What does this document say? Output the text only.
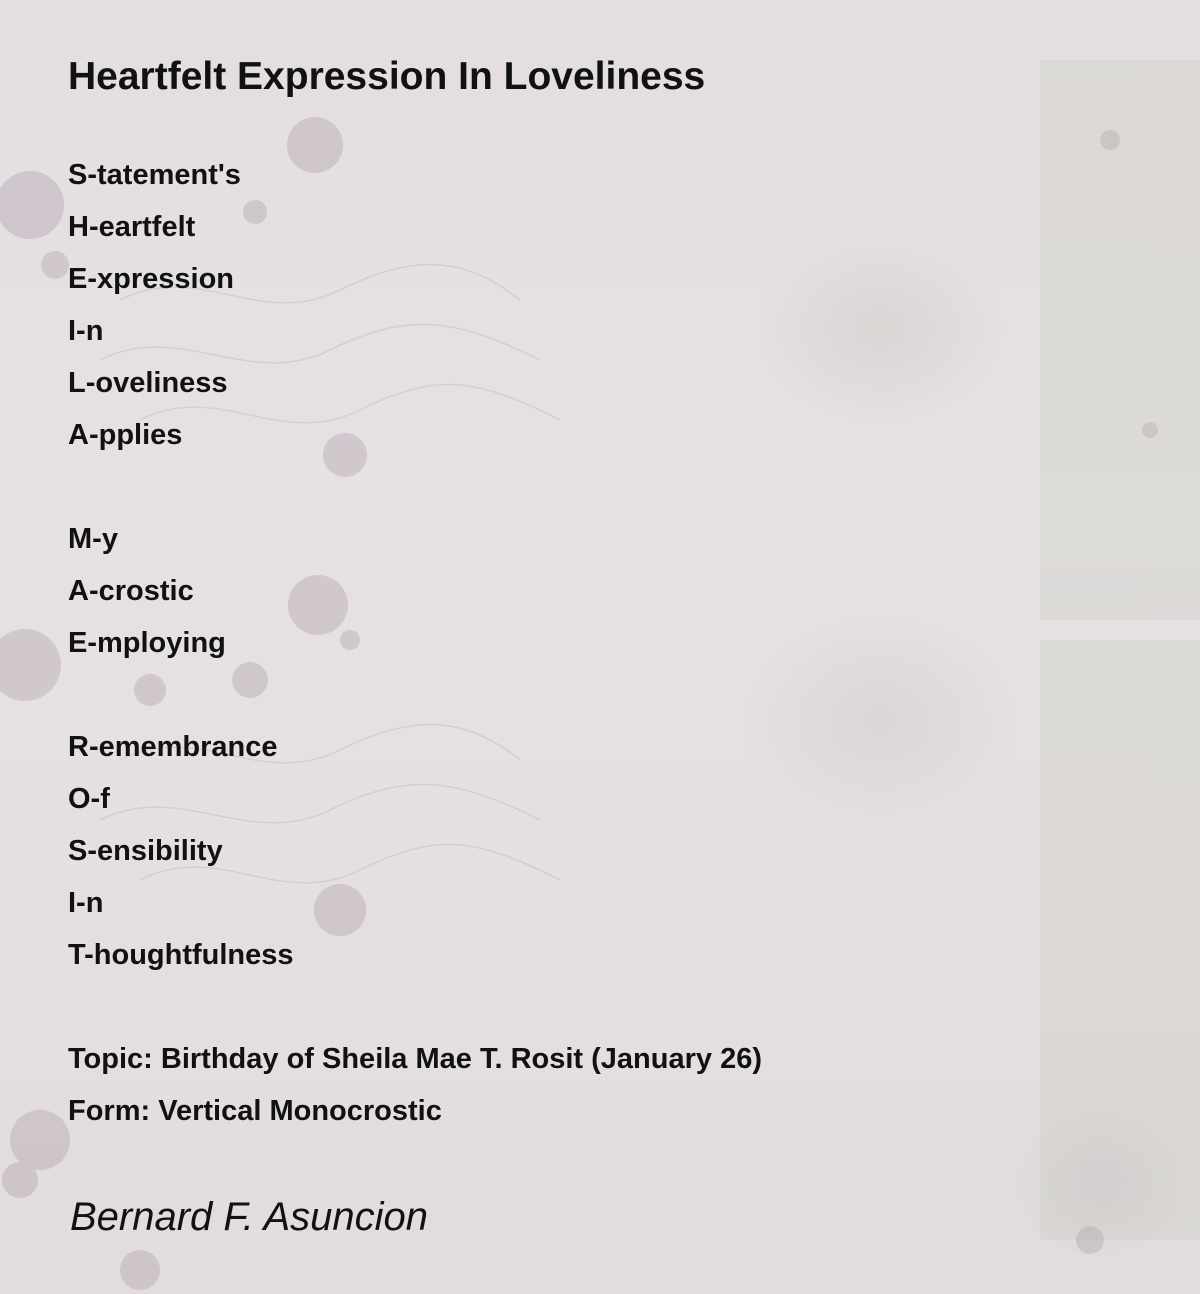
Heartfelt Expression In Loveliness
S-tatement's
H-eartfelt
E-xpression
I-n
L-oveliness
A-pplies
M-y
A-crostic
E-mploying
R-emembrance
O-f
S-ensibility
I-n
T-houghtfulness
Topic: Birthday of Sheila Mae T. Rosit (January 26)
Form: Vertical Monocrostic
Bernard F. Asuncion
